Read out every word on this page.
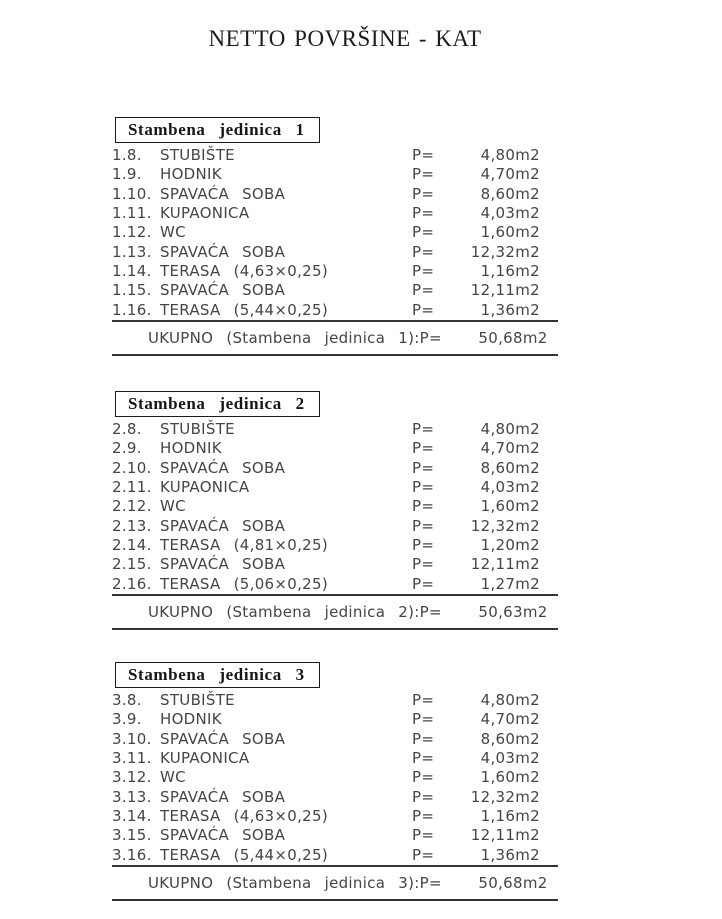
NETTO POVRŠINE - KAT
Stambena jedinica 1
1.8.	STUBIŠTE	P=	4,80m2
1.9.	HODNIK	P=	4,70m2
1.10. SPAVAĆA SOBA	P=	8,60m2
1.11. KUPAONICA	P=	4,03m2
1.12. WC	P=	1,60m2
1.13. SPAVAĆA SOBA	P=	12,32m2
1.14. TERASA (4,63×0,25)	P=	1,16m2
1.15. SPAVAĆA SOBA	P=	12,11m2
1.16. TERASA (5,44×0,25)	P=	1,36m2
UKUPNO (Stambena jedinica 1): P=	50,68m2
Stambena jedinica 2
2.8.	STUBIŠTE	P=	4,80m2
2.9.	HODNIK	P=	4,70m2
2.10. SPAVAĆA SOBA	P=	8,60m2
2.11. KUPAONICA	P=	4,03m2
2.12. WC	P=	1,60m2
2.13. SPAVAĆA SOBA	P=	12,32m2
2.14. TERASA (4,81×0,25)	P=	1,20m2
2.15. SPAVAĆA SOBA	P=	12,11m2
2.16. TERASA (5,06×0,25)	P=	1,27m2
UKUPNO (Stambena jedinica 2): P=	50,63m2
Stambena jedinica 3
3.8.	STUBIŠTE	P=	4,80m2
3.9.	HODNIK	P=	4,70m2
3.10. SPAVAĆA SOBA	P=	8,60m2
3.11. KUPAONICA	P=	4,03m2
3.12. WC	P=	1,60m2
3.13. SPAVAĆA SOBA	P=	12,32m2
3.14. TERASA (4,63×0,25)	P=	1,16m2
3.15. SPAVAĆA SOBA	P=	12,11m2
3.16. TERASA (5,44×0,25)	P=	1,36m2
UKUPNO (Stambena jedinica 3): P=	50,68m2
